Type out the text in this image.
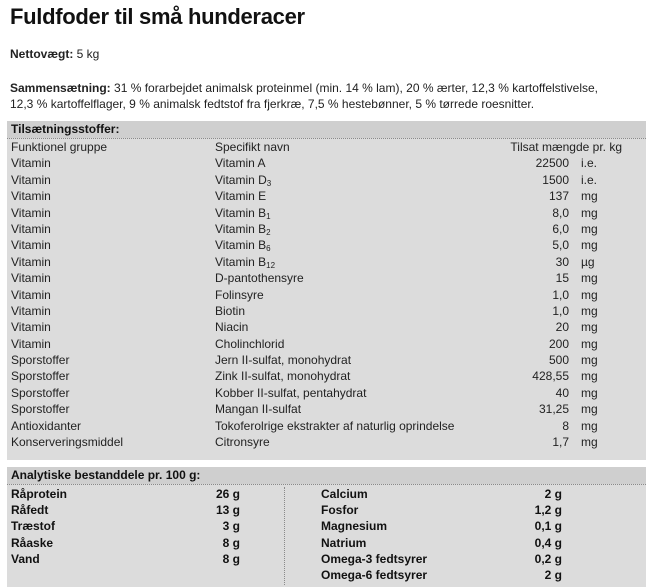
Fuldfoder til små hunderacer
Nettovægt: 5 kg
Sammensætning: 31 % forarbejdet animalsk proteinmel (min. 14 % lam), 20 % ærter, 12,3 % kartoffelstivelse, 12,3 % kartoffelflager, 9 % animalsk fedtstof fra fjerkræ, 7,5 % hestebønner, 5 % tørrede roesnitter.
Tilsætningsstoffer:
Funktionel gruppe	Specifikt navn	Tilsat mængde pr. kg
Vitamin	Vitamin A	22500 i.e.
Vitamin	Vitamin $D_3$	1500 i.e.
Vitamin	Vitamin E	137 mg
Vitamin	Vitamin $B_1$	8,0 mg
Vitamin	Vitamin $B_2$	6,0 mg
Vitamin	Vitamin $B_6$	5,0 mg
Vitamin	Vitamin $B_{12}$	30 µg
Vitamin	D-pantothensyre	15 mg
Vitamin	Folinsyre	1,0 mg
Vitamin	Biotin	1,0 mg
Vitamin	Niacin	20 mg
Vitamin	Cholinchlorid	200 mg
Sporstoffer	Jern II-sulfat, monohydrat	500 mg
Sporstoffer	Zink II-sulfat, monohydrat	428,55 mg
Sporstoffer	Kobber II-sulfat, pentahydrat	40 mg
Sporstoffer	Mangan II-sulfat	31,25 mg
Antioxidanter	Tokoferolrige ekstrakter af naturlig oprindelse	8 mg
Konserveringsmiddel	Citronsyre	1,7 mg
Analytiske bestanddele pr. 100 g:
Råprotein	26 g
Råfedt	13 g
Træstof	3 g
Råaske	8 g
Vand	8 g
Calcium	2 g
Fosfor	1,2 g
Magnesium	0,1 g
Natrium	0,4 g
Omega-3 fedtsyrer	0,2 g
Omega-6 fedtsyrer	2 g
